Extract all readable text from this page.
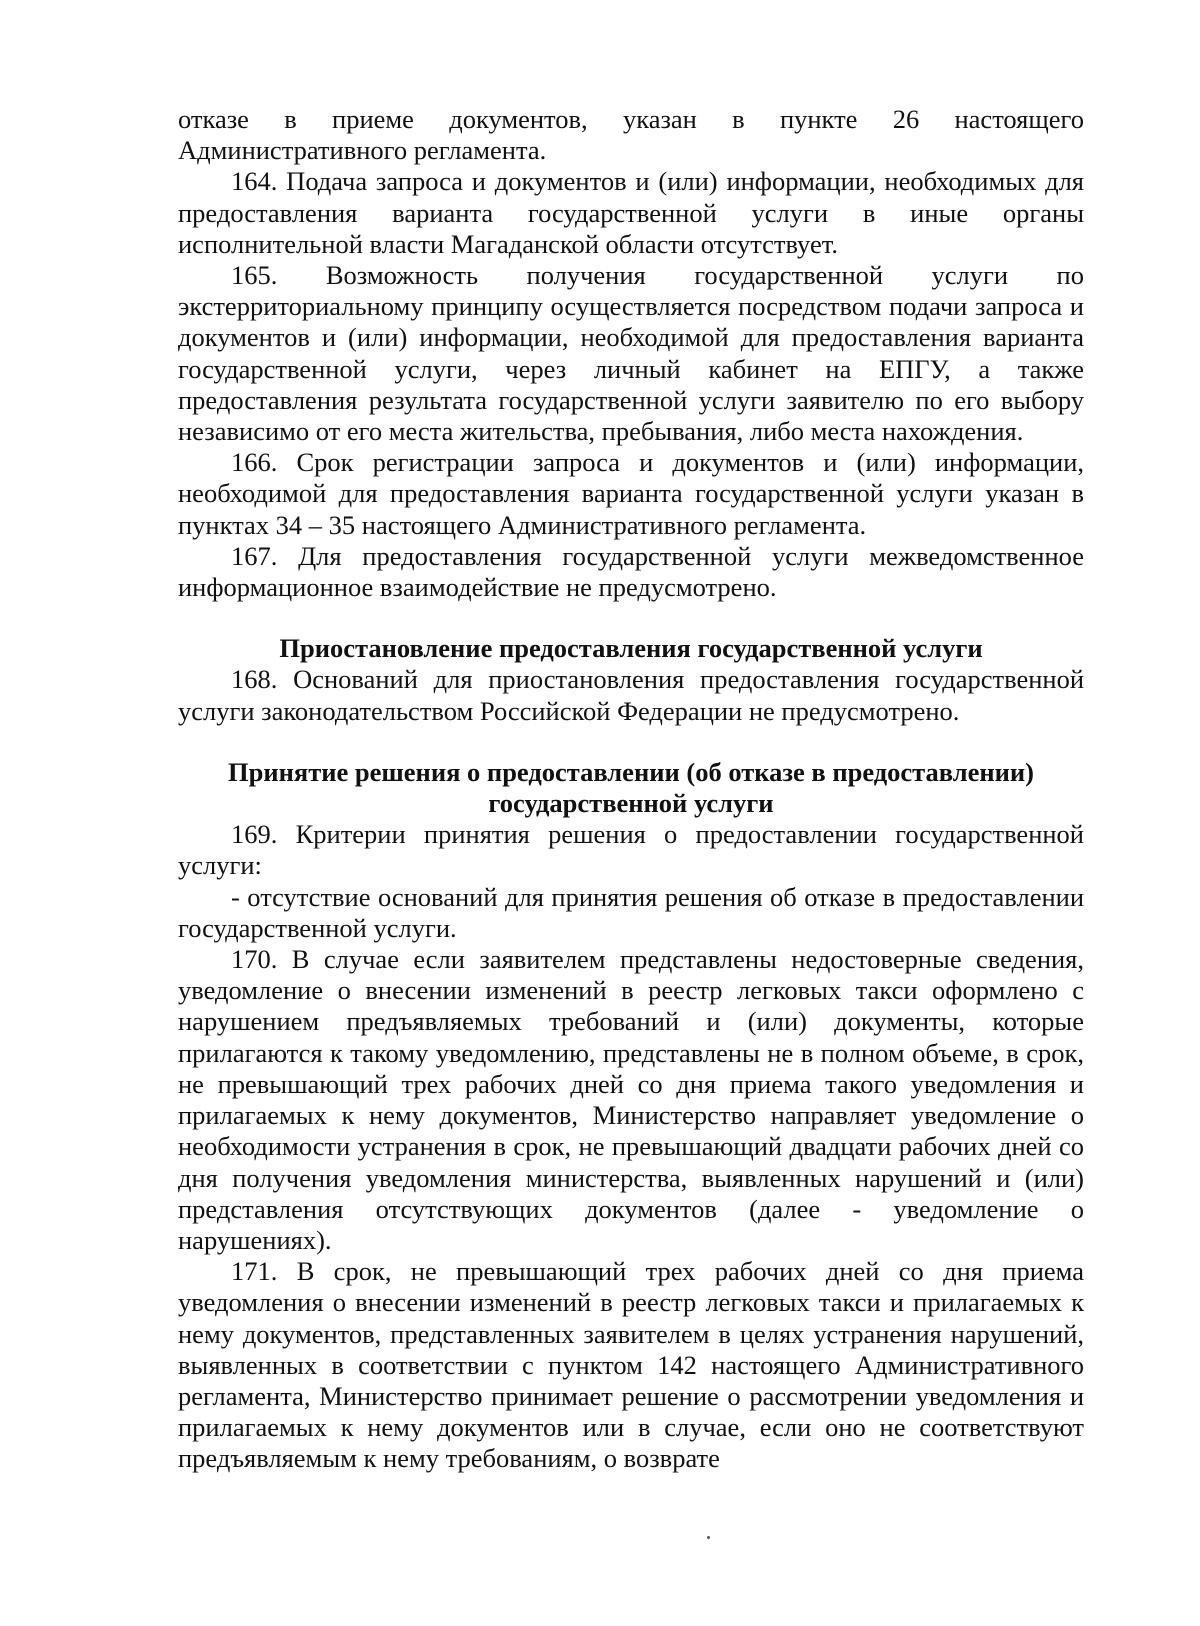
отказе в приеме документов, указан в пункте 26 настоящего Административного регламента.

164. Подача запроса и документов и (или) информации, необходимых для предоставления варианта государственной услуги в иные органы исполнительной власти Магаданской области отсутствует.

165. Возможность получения государственной услуги по экстерриториальному принципу осуществляется посредством подачи запроса и документов и (или) информации, необходимой для предоставления варианта государственной услуги, через личный кабинет на ЕПГУ, а также предоставления результата государственной услуги заявителю по его выбору независимо от его места жительства, пребывания, либо места нахождения.

166. Срок регистрации запроса и документов и (или) информации, необходимой для предоставления варианта государственной услуги указан в пунктах 34 – 35 настоящего Административного регламента.

167. Для предоставления государственной услуги межведомственное информационное взаимодействие не предусмотрено.

Приостановление предоставления государственной услуги

168. Оснований для приостановления предоставления государственной услуги законодательством Российской Федерации не предусмотрено.

Принятие решения о предоставлении (об отказе в предоставлении)

государственной услуги

169. Критерии принятия решения о предоставлении государственной услуги:

- отсутствие оснований для принятия решения об отказе в предоставлении государственной услуги.

170. В случае если заявителем представлены недостоверные сведения, уведомление о внесении изменений в реестр легковых такси оформлено с нарушением предъявляемых требований и (или) документы, которые прилагаются к такому уведомлению, представлены не в полном объеме, в срок, не превышающий трех рабочих дней со дня приема такого уведомления и прилагаемых к нему документов, Министерство направляет уведомление о необходимости устранения в срок, не превышающий двадцати рабочих дней со дня получения уведомления министерства, выявленных нарушений и (или) представления отсутствующих документов (далее - уведомление о нарушениях).

171. В срок, не превышающий трех рабочих дней со дня приема уведомления о внесении изменений в реестр легковых такси и прилагаемых к нему документов, представленных заявителем в целях устранения нарушений, выявленных в соответствии с пунктом 142 настоящего Административного регламента, Министерство принимает решение о рассмотрении уведомления и прилагаемых к нему документов или в случае, если оно не соответствуют предъявляемым к нему требованиям, о возврате
